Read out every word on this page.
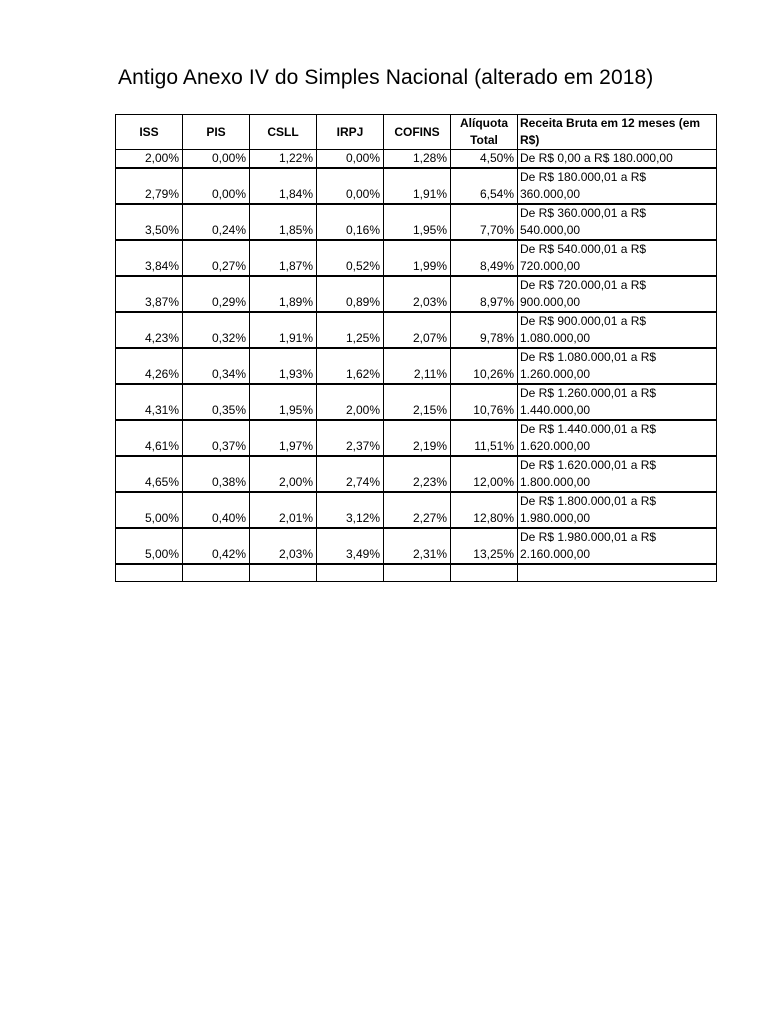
Antigo Anexo IV do Simples Nacional (alterado em 2018)
ISS	PIS	CSLL	IRPJ	COFINS	Alíquota Total	Receita Bruta em 12 meses (em R$)
2,00%	0,00%	1,22%	0,00%	1,28%	4,50%	De R$ 0,00 a R$ 180.000,00
2,79%	0,00%	1,84%	0,00%	1,91%	6,54%	De R$ 180.000,01 a R$
360.000,00
3,50%	0,24%	1,85%	0,16%	1,95%	7,70%	De R$ 360.000,01 a R$
540.000,00
3,84%	0,27%	1,87%	0,52%	1,99%	8,49%	De R$ 540.000,01 a R$
720.000,00
3,87%	0,29%	1,89%	0,89%	2,03%	8,97%	De R$ 720.000,01 a R$
900.000,00
4,23%	0,32%	1,91%	1,25%	2,07%	9,78%	De R$ 900.000,01 a R$
1.080.000,00
4,26%	0,34%	1,93%	1,62%	2,11%	10,26%	De R$ 1.080.000,01 a R$
1.260.000,00
4,31%	0,35%	1,95%	2,00%	2,15%	10,76%	De R$ 1.260.000,01 a R$
1.440.000,00
4,61%	0,37%	1,97%	2,37%	2,19%	11,51%	De R$ 1.440.000,01 a R$
1.620.000,00
4,65%	0,38%	2,00%	2,74%	2,23%	12,00%	De R$ 1.620.000,01 a R$
1.800.000,00
5,00%	0,40%	2,01%	3,12%	2,27%	12,80%	De R$ 1.800.000,01 a R$
1.980.000,00
5,00%	0,42%	2,03%	3,49%	2,31%	13,25%	De R$ 1.980.000,01 a R$
2.160.000,00
